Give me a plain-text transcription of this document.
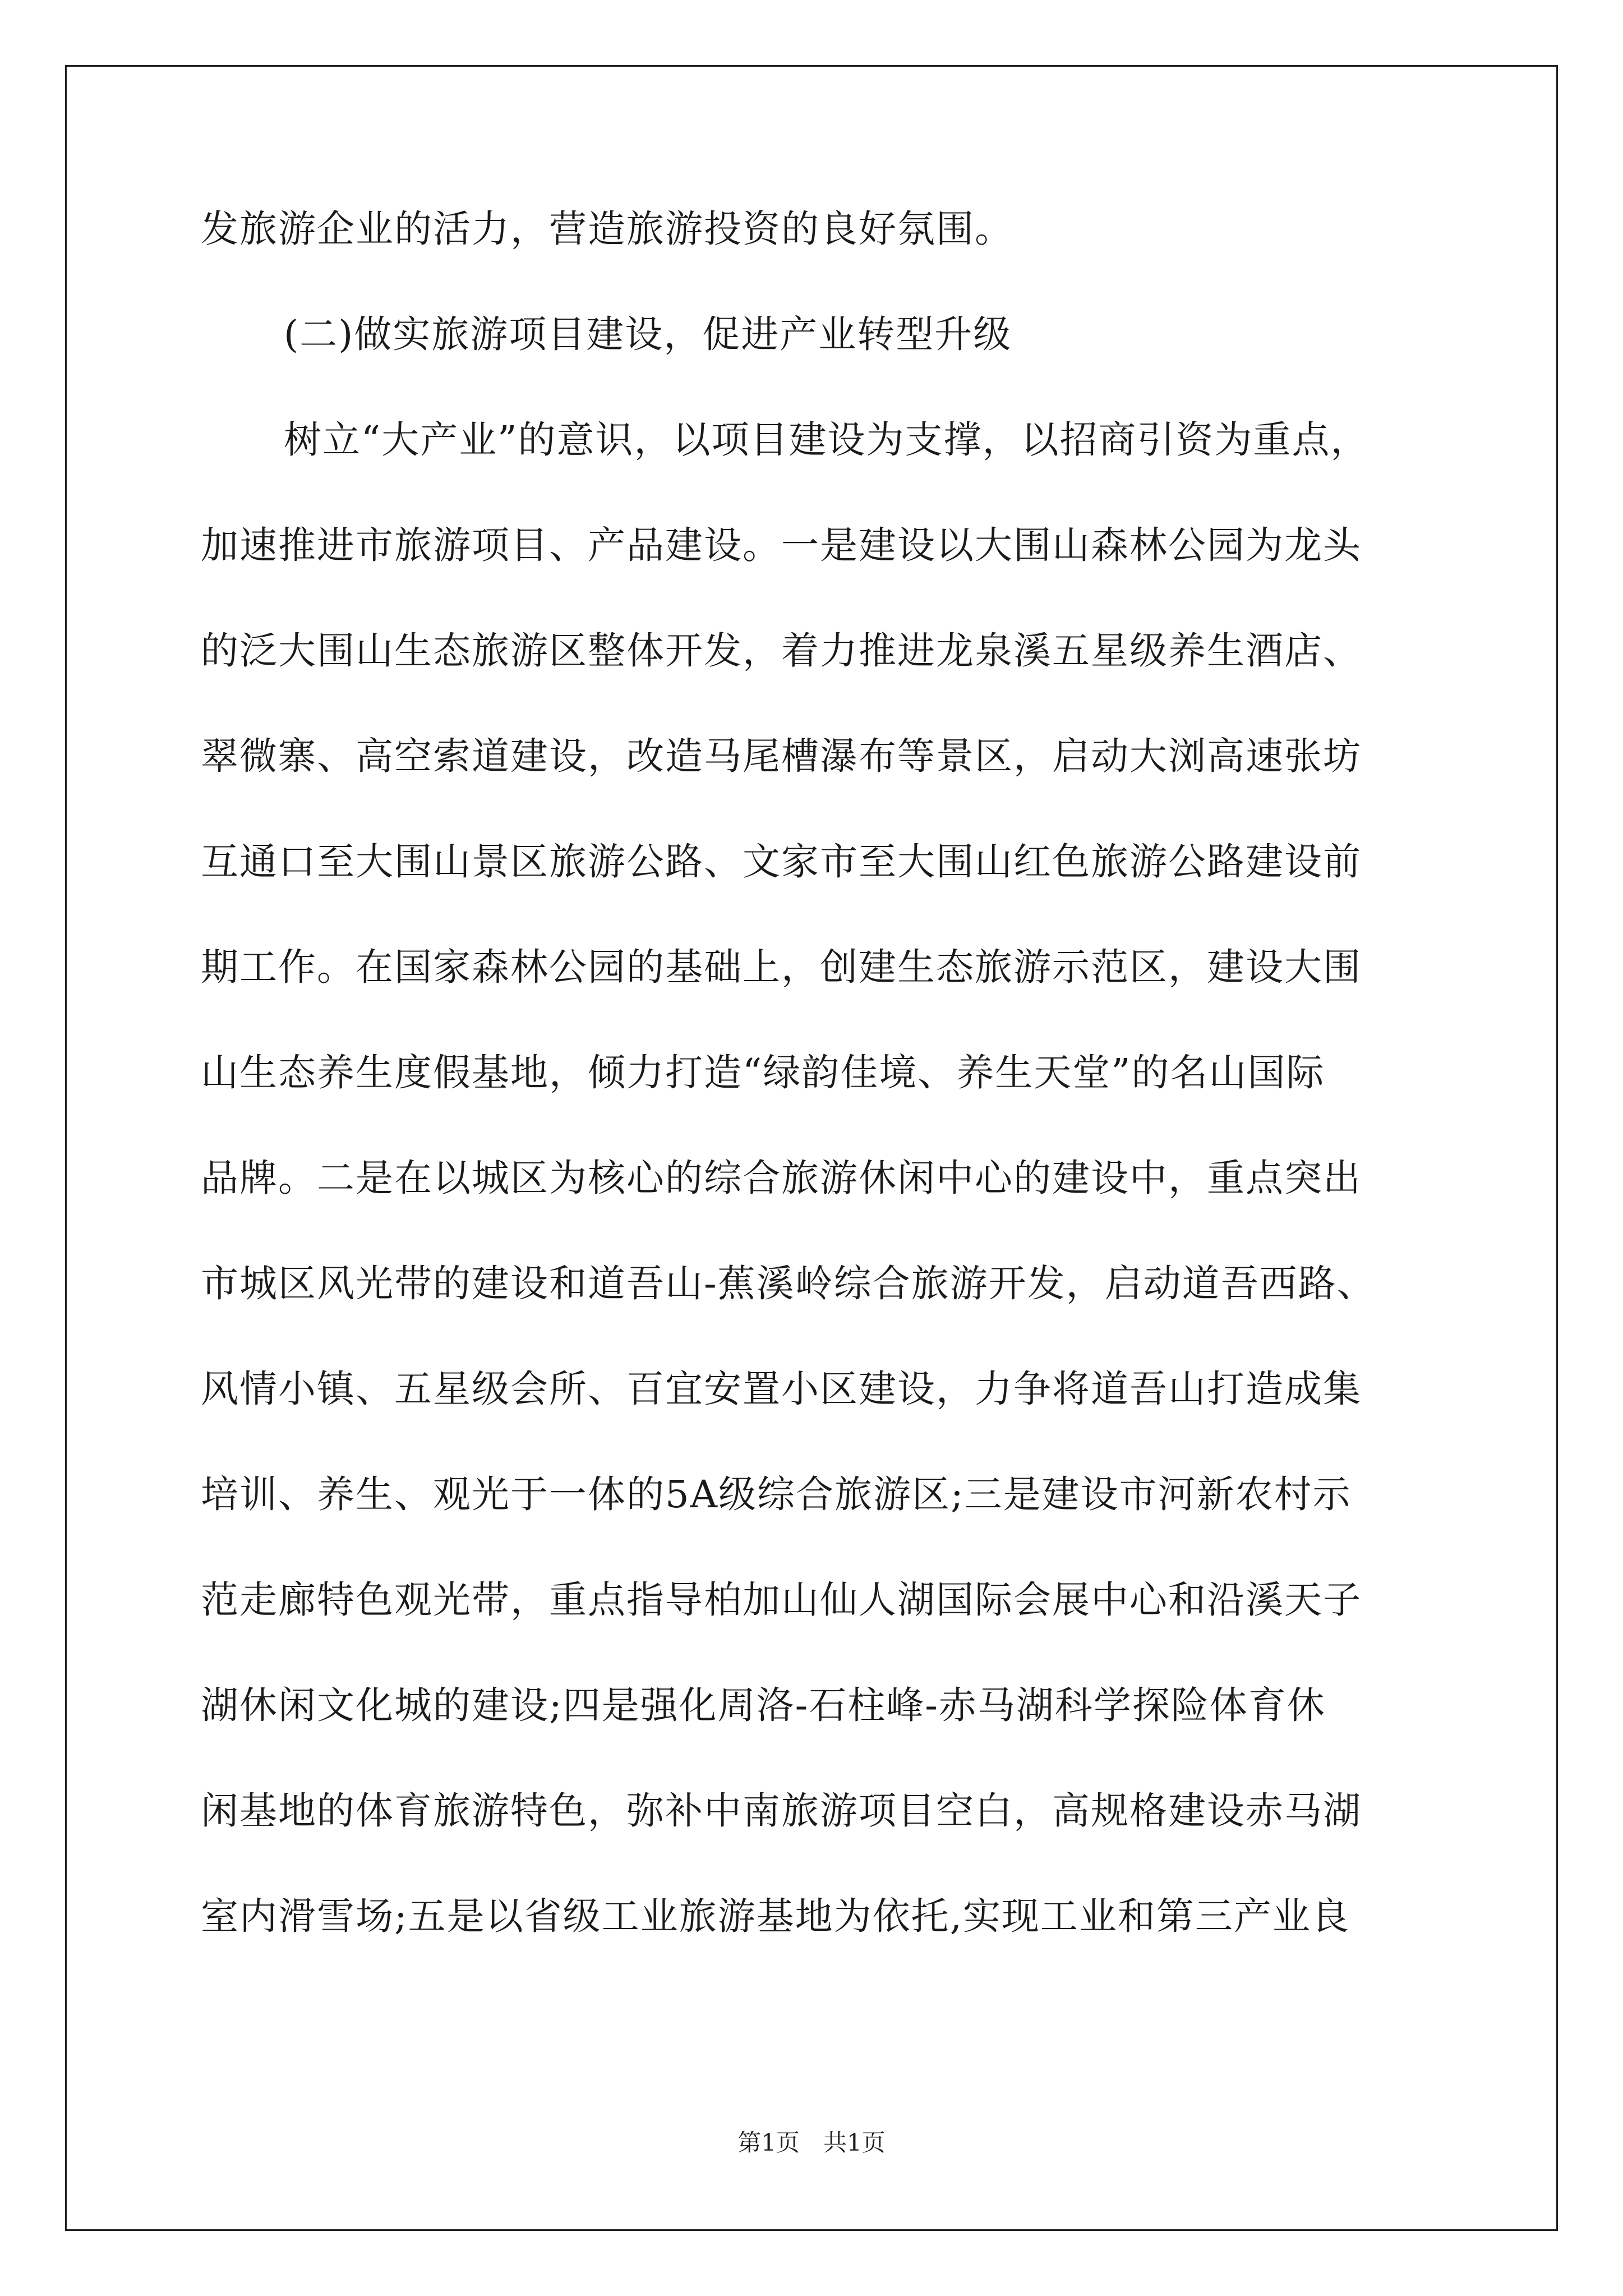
发旅游企业的活力，营造旅游投资的良好氛围。
(二)做实旅游项目建设，促进产业转型升级
树立“大产业”的意识，以项目建设为支撑，以招商引资为重点，
加速推进市旅游项目、产品建设。一是建设以大围山森林公园为龙头
的泛大围山生态旅游区整体开发，着力推进龙泉溪五星级养生酒店、
翠微寨、高空索道建设，改造马尾槽瀑布等景区，启动大浏高速张坊
互通口至大围山景区旅游公路、文家市至大围山红色旅游公路建设前
期工作。在国家森林公园的基础上，创建生态旅游示范区，建设大围
山生态养生度假基地，倾力打造“绿韵佳境、养生天堂”的名山国际
品牌。二是在以城区为核心的综合旅游休闲中心的建设中，重点突出
市城区风光带的建设和道吾山-蕉溪岭综合旅游开发，启动道吾西路、
风情小镇、五星级会所、百宜安置小区建设，力争将道吾山打造成集
培训、养生、观光于一体的5A级综合旅游区;三是建设市河新农村示
范走廊特色观光带，重点指导柏加山仙人湖国际会展中心和沿溪天子
湖休闲文化城的建设;四是强化周洛-石柱峰-赤马湖科学探险体育休
闲基地的体育旅游特色，弥补中南旅游项目空白，高规格建设赤马湖
室内滑雪场;五是以省级工业旅游基地为依托,实现工业和第三产业良
第1页　共1页
